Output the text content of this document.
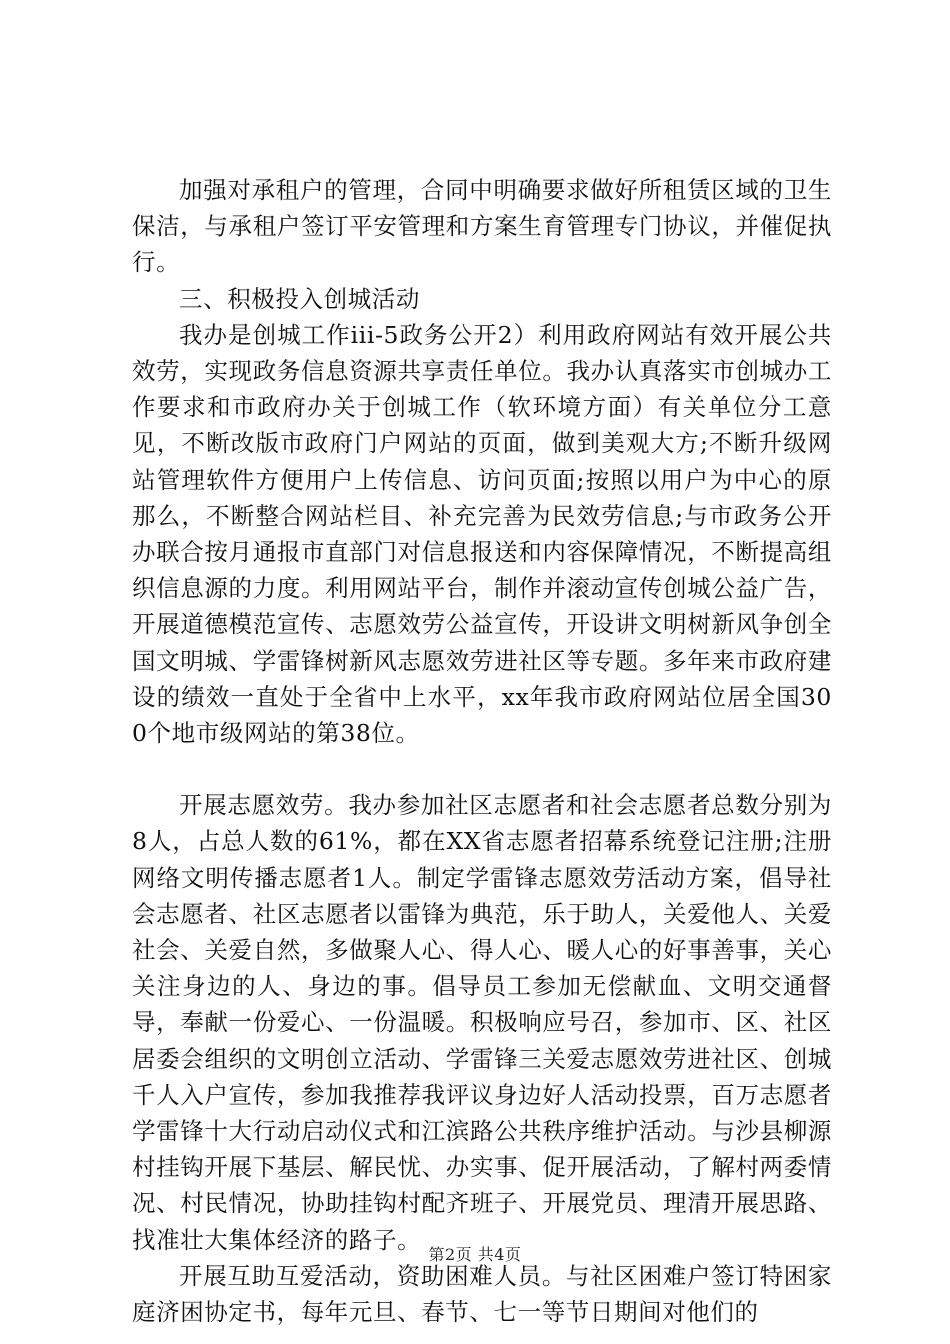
加强对承租户的管理，合同中明确要求做好所租赁区域的卫生保洁，与承租户签订平安管理和方案生育管理专门协议，并催促执行。

三、积极投入创城活动

我办是创城工作iii-5政务公开2）利用政府网站有效开展公共效劳，实现政务信息资源共享责任单位。我办认真落实市创城办工作要求和市政府办关于创城工作（软环境方面）有关单位分工意见，不断改版市政府门户网站的页面，做到美观大方;不断升级网站管理软件方便用户上传信息、访问页面;按照以用户为中心的原那么，不断整合网站栏目、补充完善为民效劳信息;与市政务公开办联合按月通报市直部门对信息报送和内容保障情况，不断提高组织信息源的力度。利用网站平台，制作并滚动宣传创城公益广告，开展道德模范宣传、志愿效劳公益宣传，开设讲文明树新风争创全国文明城、学雷锋树新风志愿效劳进社区等专题。多年来市政府建设的绩效一直处于全省中上水平，xx年我市政府网站位居全国300个地市级网站的第38位。

开展志愿效劳。我办参加社区志愿者和社会志愿者总数分别为8人，占总人数的61%，都在XX省志愿者招幕系统登记注册;注册网络文明传播志愿者1人。制定学雷锋志愿效劳活动方案，倡导社会志愿者、社区志愿者以雷锋为典范，乐于助人，关爱他人、关爱社会、关爱自然，多做聚人心、得人心、暖人心的好事善事，关心关注身边的人、身边的事。倡导员工参加无偿献血、文明交通督导，奉献一份爱心、一份温暖。积极响应号召，参加市、区、社区居委会组织的文明创立活动、学雷锋三关爱志愿效劳进社区、创城千人入户宣传，参加我推荐我评议身边好人活动投票，百万志愿者学雷锋十大行动启动仪式和江滨路公共秩序维护活动。与沙县柳源村挂钩开展下基层、解民忧、办实事、促开展活动，了解村两委情况、村民情况，协助挂钩村配齐班子、开展党员、理清开展思路、找准壮大集体经济的路子。

开展互助互爱活动，资助困难人员。与社区困难户签订特困家庭济困协定书，每年元旦、春节、七一等节日期间对他们的

第2页 共4页
